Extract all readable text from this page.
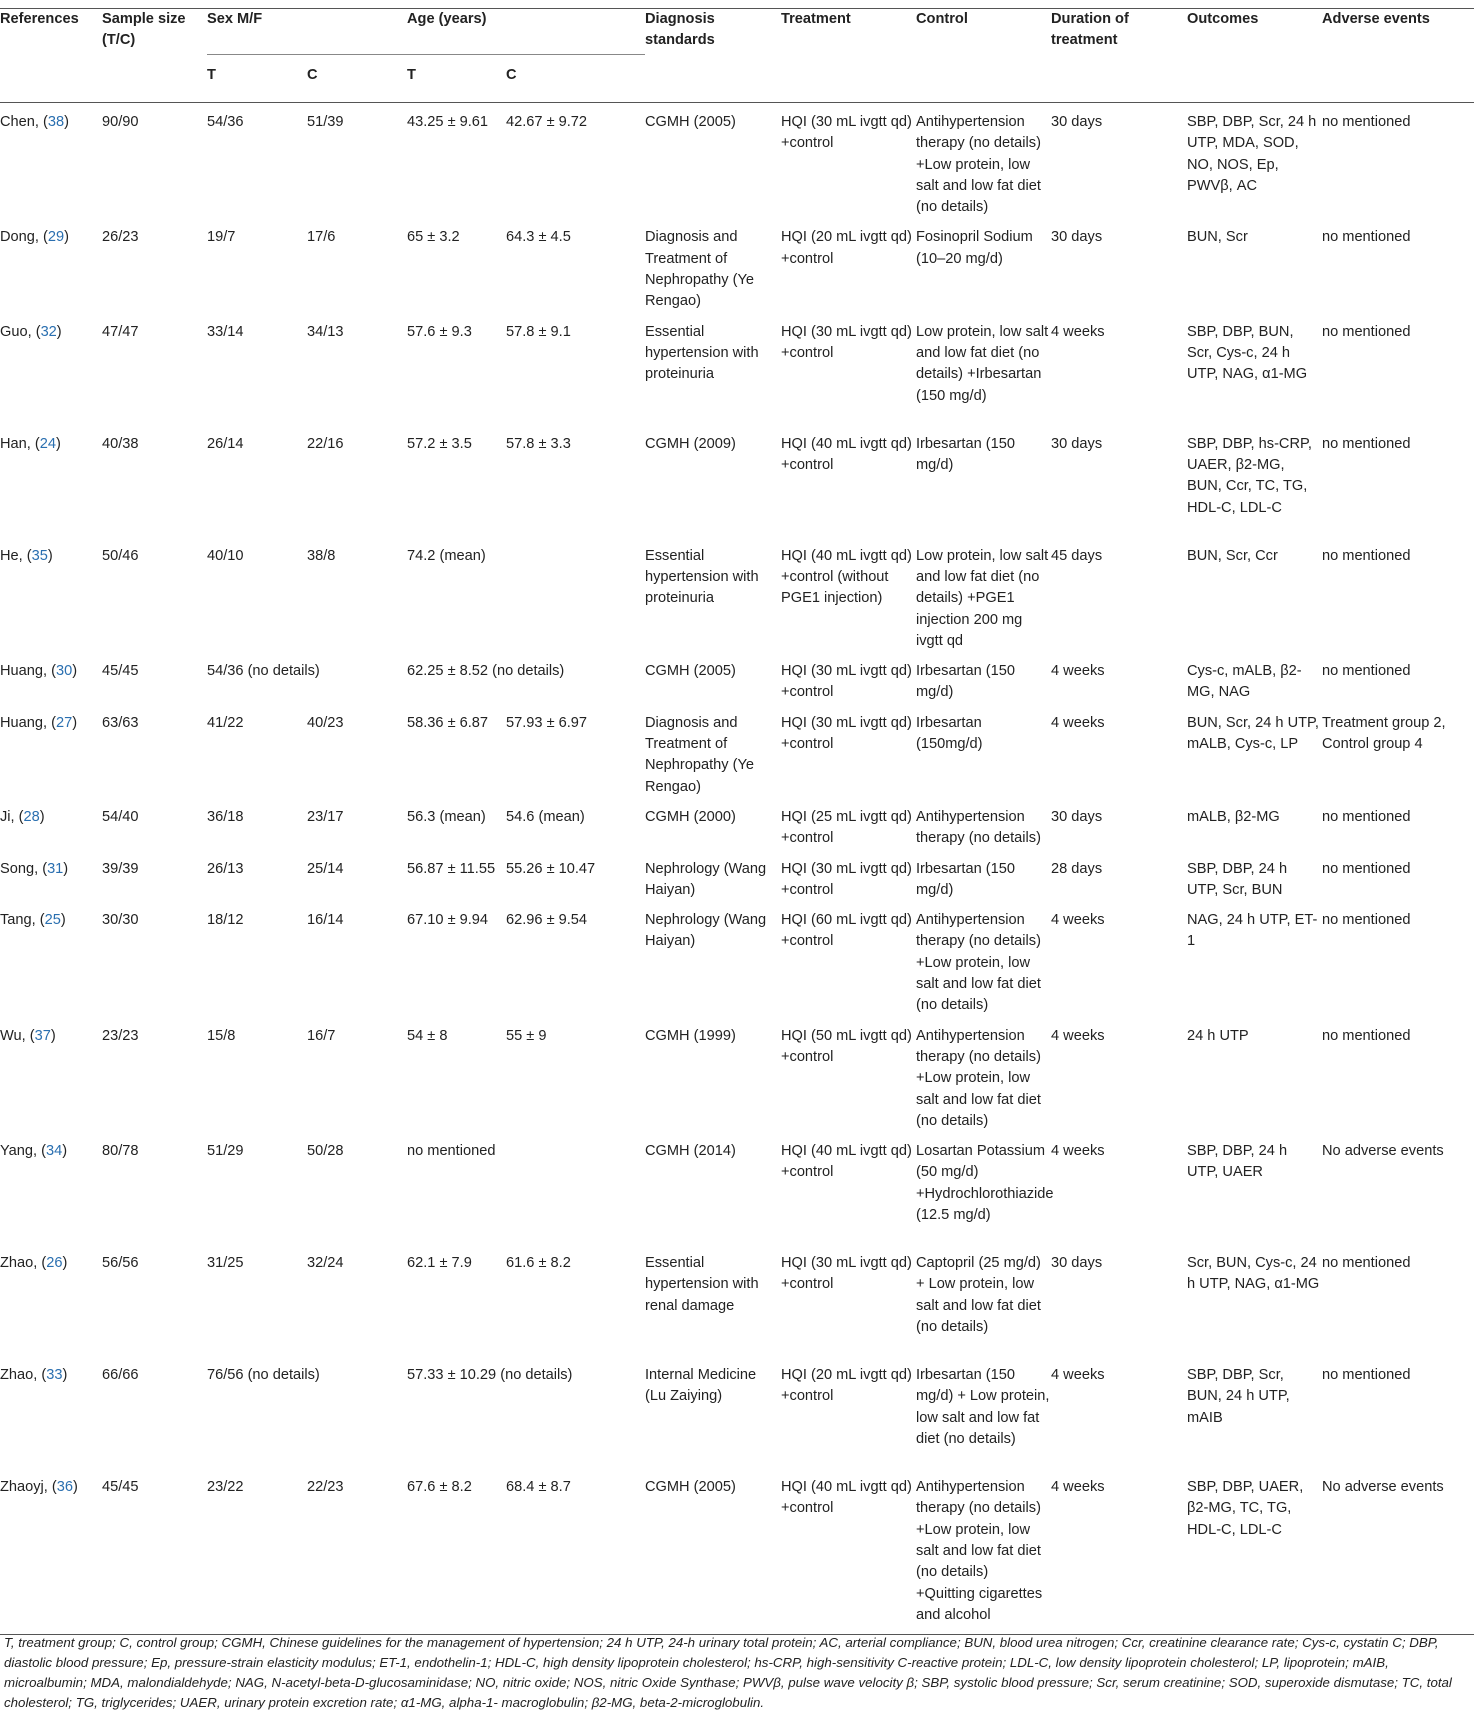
References	Sample size (T/C)	Sex M/F		Age (years)		Diagnosis standards	Treatment	Control	Duration of treatment	Outcomes	Adverse events
		T	C	T	C						
Chen, (38)	90/90	54/36	51/39	43.25 ± 9.61	42.67 ± 9.72	CGMH (2005)	HQI (30 mL ivgtt qd) +control	Antihypertension therapy (no details) +Low protein, low salt and low fat diet (no details)	30 days	SBP, DBP, Scr, 24 h UTP, MDA, SOD, NO, NOS, Ep, PWVβ, AC	no mentioned
Dong, (29)	26/23	19/7	17/6	65 ± 3.2	64.3 ± 4.5	Diagnosis and Treatment of Nephropathy (Ye Rengao)	HQI (20 mL ivgtt qd) +control	Fosinopril Sodium (10–20 mg/d)	30 days	BUN, Scr	no mentioned
Guo, (32)	47/47	33/14	34/13	57.6 ± 9.3	57.8 ± 9.1	Essential hypertension with proteinuria	HQI (30 mL ivgtt qd) +control	Low protein, low salt and low fat diet (no details) +Irbesartan (150 mg/d)	4 weeks	SBP, DBP, BUN, Scr, Cys-c, 24 h UTP, NAG, α1-MG	no mentioned
Han, (24)	40/38	26/14	22/16	57.2 ± 3.5	57.8 ± 3.3	CGMH (2009)	HQI (40 mL ivgtt qd) +control	Irbesartan (150 mg/d)	30 days	SBP, DBP, hs-CRP, UAER, β2-MG, BUN, Ccr, TC, TG, HDL-C, LDL-C	no mentioned
He, (35)	50/46	40/10	38/8	74.2 (mean)		Essential hypertension with proteinuria	HQI (40 mL ivgtt qd) +control (without PGE1 injection)	Low protein, low salt and low fat diet (no details) +PGE1 injection 200 mg ivgtt qd	45 days	BUN, Scr, Ccr	no mentioned
Huang, (30)	45/45	54/36 (no details)		62.25 ± 8.52 (no details)		CGMH (2005)	HQI (30 mL ivgtt qd) +control	Irbesartan (150 mg/d)	4 weeks	Cys-c, mALB, β2-MG, NAG	no mentioned
Huang, (27)	63/63	41/22	40/23	58.36 ± 6.87	57.93 ± 6.97	Diagnosis and Treatment of Nephropathy (Ye Rengao)	HQI (30 mL ivgtt qd) +control	Irbesartan (150mg/d)	4 weeks	BUN, Scr, 24 h UTP, mALB, Cys-c, LP	Treatment group 2, Control group 4
Ji, (28)	54/40	36/18	23/17	56.3 (mean)	54.6 (mean)	CGMH (2000)	HQI (25 mL ivgtt qd) +control	Antihypertension therapy (no details)	30 days	mALB, β2-MG	no mentioned
Song, (31)	39/39	26/13	25/14	56.87 ± 11.55	55.26 ± 10.47	Nephrology (Wang Haiyan)	HQI (30 mL ivgtt qd) +control	Irbesartan (150 mg/d)	28 days	SBP, DBP, 24 h UTP, Scr, BUN	no mentioned
Tang, (25)	30/30	18/12	16/14	67.10 ± 9.94	62.96 ± 9.54	Nephrology (Wang Haiyan)	HQI (60 mL ivgtt qd) +control	Antihypertension therapy (no details) +Low protein, low salt and low fat diet (no details)	4 weeks	NAG, 24 h UTP, ET-1	no mentioned
Wu, (37)	23/23	15/8	16/7	54 ± 8	55 ± 9	CGMH (1999)	HQI (50 mL ivgtt qd) +control	Antihypertension therapy (no details) +Low protein, low salt and low fat diet (no details)	4 weeks	24 h UTP	no mentioned
Yang, (34)	80/78	51/29	50/28	no mentioned		CGMH (2014)	HQI (40 mL ivgtt qd) +control	Losartan Potassium (50 mg/d) +Hydrochlorothiazide (12.5 mg/d)	4 weeks	SBP, DBP, 24 h UTP, UAER	No adverse events
Zhao, (26)	56/56	31/25	32/24	62.1 ± 7.9	61.6 ± 8.2	Essential hypertension with renal damage	HQI (30 mL ivgtt qd) +control	Captopril (25 mg/d) + Low protein, low salt and low fat diet (no details)	30 days	Scr, BUN, Cys-c, 24 h UTP, NAG, α1-MG	no mentioned
Zhao, (33)	66/66	76/56 (no details)		57.33 ± 10.29 (no details)		Internal Medicine (Lu Zaiying)	HQI (20 mL ivgtt qd) +control	Irbesartan (150 mg/d) + Low protein, low salt and low fat diet (no details)	4 weeks	SBP, DBP, Scr, BUN, 24 h UTP, mAIB	no mentioned
Zhaoyj, (36)	45/45	23/22	22/23	67.6 ± 8.2	68.4 ± 8.7	CGMH (2005)	HQI (40 mL ivgtt qd) +control	Antihypertension therapy (no details) +Low protein, low salt and low fat diet (no details) +Quitting cigarettes and alcohol	4 weeks	SBP, DBP, UAER, β2-MG, TC, TG, HDL-C, LDL-C	No adverse events
T, treatment group; C, control group; CGMH, Chinese guidelines for the management of hypertension; 24 h UTP, 24-h urinary total protein; AC, arterial compliance; BUN, blood urea nitrogen; Ccr, creatinine clearance rate; Cys-c, cystatin C; DBP, diastolic blood pressure; Ep, pressure-strain elasticity modulus; ET-1, endothelin-1; HDL-C, high density lipoprotein cholesterol; hs-CRP, high-sensitivity C-reactive protein; LDL-C, low density lipoprotein cholesterol; LP, lipoprotein; mAIB, microalbumin; MDA, malondialdehyde; NAG, N-acetyl-beta-D-glucosaminidase; NO, nitric oxide; NOS, nitric Oxide Synthase; PWVβ, pulse wave velocity β; SBP, systolic blood pressure; Scr, serum creatinine; SOD, superoxide dismutase; TC, total cholesterol; TG, triglycerides; UAER, urinary protein excretion rate; α1-MG, alpha-1- macroglobulin; β2-MG, beta-2-microglobulin.
